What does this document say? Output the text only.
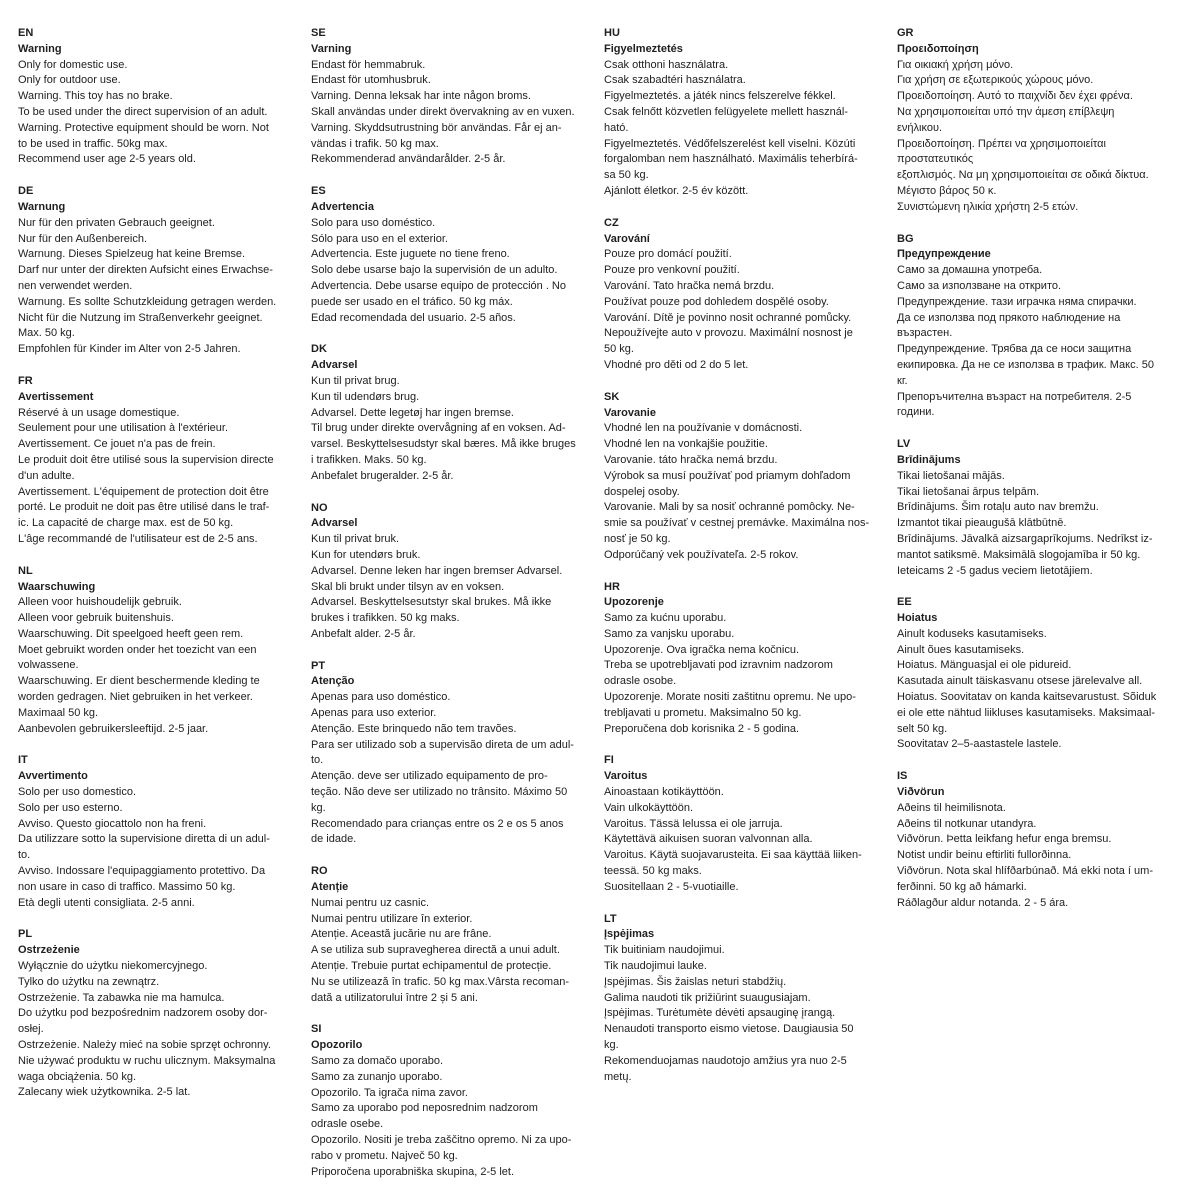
EN

Warning

Only for domestic use.

Only for outdoor use.

Warning. This toy has no brake.

To be used under the direct supervision of an adult.

Warning. Protective equipment should be worn. Not

to be used in traffic. 50kg max.

Recommend user age 2-5 years old.

DE

Warnung

Nur für den privaten Gebrauch geeignet.

Nur für den Außenbereich.

Warnung. Dieses Spielzeug hat keine Bremse.

Darf nur unter der direkten Aufsicht eines Erwachse-

nen verwendet werden.

Warnung. Es sollte Schutzkleidung getragen werden.

Nicht für die Nutzung im Straßenverkehr geeignet.

Max. 50 kg.

Empfohlen für Kinder im Alter von 2-5 Jahren.

FR

Avertissement

Réservé à un usage domestique.

Seulement pour une utilisation à l'extérieur.

Avertissement. Ce jouet n'a pas de frein.

Le produit doit être utilisé sous la supervision directe

d'un adulte.

Avertissement. L'équipement de protection doit être

porté. Le produit ne doit pas être utilisé dans le traf-

ic. La capacité de charge max. est de 50 kg.

L'âge recommandé de l'utilisateur est de 2-5 ans.

NL

Waarschuwing

Alleen voor huishoudelijk gebruik.

Alleen voor gebruik buitenshuis.

Waarschuwing. Dit speelgoed heeft geen rem.

Moet gebruikt worden onder het toezicht van een

volwassene.

Waarschuwing. Er dient beschermende kleding te

worden gedragen. Niet gebruiken in het verkeer.

Maximaal 50 kg.

Aanbevolen gebruikersleeftijd. 2-5 jaar.

IT

Avvertimento

Solo per uso domestico.

Solo per uso esterno.

Avviso. Questo giocattolo non ha freni.

Da utilizzare sotto la supervisione diretta di un adul-

to.

Avviso. Indossare l'equipaggiamento protettivo. Da

non usare in caso di traffico. Massimo 50 kg.

Età degli utenti consigliata. 2-5 anni.

PL

Ostrzeżenie

Wyłącznie do użytku niekomercyjnego.

Tylko do użytku na zewnątrz.

Ostrzeżenie. Ta zabawka nie ma hamulca.

Do użytku pod bezpośrednim nadzorem osoby dor-

osłej.

Ostrzeżenie. Należy mieć na sobie sprzęt ochronny.

Nie używać produktu w ruchu ulicznym. Maksymalna

waga obciążenia. 50 kg.

Zalecany wiek użytkownika. 2-5 lat.

SE

Varning

Endast för hemmabruk.

Endast för utomhusbruk.

Varning. Denna leksak har inte någon broms.

Skall användas under direkt övervakning av en vuxen.

Varning. Skyddsutrustning bör användas. Får ej an-

vändas i trafik. 50 kg max.

Rekommenderad användarålder. 2-5 år.

ES

Advertencia

Solo para uso doméstico.

Sólo para uso en el exterior.

Advertencia. Este juguete no tiene freno.

Solo debe usarse bajo la supervisión de un adulto.

Advertencia. Debe usarse equipo de protección . No

puede ser usado en el tráfico. 50 kg máx.

Edad recomendada del usuario. 2-5 años.

DK

Advarsel

Kun til privat brug.

Kun til udendørs brug.

Advarsel. Dette legetøj har ingen bremse.

Til brug under direkte overvågning af en voksen. Ad-

varsel. Beskyttelsesudstyr skal bæres. Må ikke bruges

i trafikken. Maks. 50 kg.

Anbefalet brugeralder. 2-5 år.

NO

Advarsel

Kun til privat bruk.

Kun for utendørs bruk.

Advarsel. Denne leken har ingen bremser Advarsel.

Skal bli brukt under tilsyn av en voksen.

Advarsel. Beskyttelsesutstyr skal brukes. Må ikke

brukes i trafikken. 50 kg maks.

Anbefalt alder. 2-5 år.

PT

Atenção

Apenas para uso doméstico.

Apenas para uso exterior.

Atenção. Este brinquedo não tem travões.

Para ser utilizado sob a supervisão direta de um adul-

to.

Atenção. deve ser utilizado equipamento de pro-

teção. Não deve ser utilizado no trânsito. Máximo 50

kg.

Recomendado para crianças entre os 2 e os 5 anos

de idade.

RO

Atenție

Numai pentru uz casnic.

Numai pentru utilizare în exterior.

Atenție. Această jucărie nu are frâne.

A se utiliza sub supravegherea directă a unui adult.

Atenție. Trebuie purtat echipamentul de protecție.

Nu se utilizează în trafic. 50 kg max.Vârsta recoman-

dată a utilizatorului între 2 și 5 ani.

SI

Opozorilo

Samo za domačo uporabo.

Samo za zunanjo uporabo.

Opozorilo. Ta igrača nima zavor.

Samo za uporabo pod neposrednim nadzorom

odrasle osebe.

Opozorilo. Nositi je treba zaščitno opremo. Ni za upo-

rabo v prometu. Največ 50 kg.

Priporočena uporabniška skupina, 2-5 let.

HU

Figyelmeztetés

Csak otthoni használatra.

Csak szabadtéri használatra.

Figyelmeztetés. a játék nincs felszerelve fékkel.

Csak felnőtt közvetlen felügyelete mellett használ-

ható.

Figyelmeztetés. Védőfelszerelést kell viselni. Közúti

forgalomban nem használható. Maximális teherbírá-

sa 50 kg.

Ajánlott életkor. 2-5 év között.

CZ

Varování

Pouze pro domácí použití.

Pouze pro venkovní použití.

Varování. Tato hračka nemá brzdu.

Používat pouze pod dohledem dospělé osoby.

Varování. Dítě je povinno nosit ochranné pomůcky.

Nepoužívejte auto v provozu. Maximální nosnost je

50 kg.

Vhodné pro děti od 2 do 5 let.

SK

Varovanie

Vhodné len na používanie v domácnosti.

Vhodné len na vonkajšie použitie.

Varovanie. táto hračka nemá brzdu.

Výrobok sa musí používať pod priamym dohľadom

dospelej osoby.

Varovanie. Mali by sa nosiť ochranné pomôcky. Ne-

smie sa používať v cestnej premávke. Maximálna nos-

nosť je 50 kg.

Odporúčaný vek používateľa. 2-5 rokov.

HR

Upozorenje

Samo za kućnu uporabu.

Samo za vanjsku uporabu.

Upozorenje. Ova igračka nema kočnicu.

Treba se upotrebljavati pod izravnim nadzorom

odrasle osobe.

Upozorenje. Morate nositi zaštitnu opremu. Ne upo-

trebljavati u prometu. Maksimalno 50 kg.

Preporučena dob korisnika 2 - 5 godina.

FI

Varoitus

Ainoastaan kotikäyttöön.

Vain ulkokäyttöön.

Varoitus. Tässä lelussa ei ole jarruja.

Käytettävä aikuisen suoran valvonnan alla.

Varoitus. Käytä suojavarusteita. Ei saa käyttää liiken-

teessä. 50 kg maks.

Suositellaan 2 - 5-vuotiaille.

LT

Įspėjimas

Tik buitiniam naudojimui.

Tik naudojimui lauke.

Įspėjimas. Šis žaislas neturi stabdžių.

Galima naudoti tik prižiūrint suaugusiajam.

Įspėjimas. Turėtumėte dėvėti apsauginę įrangą.

Nenaudoti transporto eismo vietose. Daugiausia 50

kg.

Rekomenduojamas naudotojo amžius yra nuo 2-5

metų.

GR

Προειδοποίηση

Για οικιακή χρήση μόνο.

Για χρήση σε εξωτερικούς χώρους μόνο.

Προειδοποίηση. Αυτό το παιχνίδι δεν έχει φρένα.

Να χρησιμοποιείται υπό την άμεση επίβλεψη

ενήλικου.

Προειδοποίηση. Πρέπει να χρησιμοποιείται

προστατευτικός

εξοπλισμός. Να μη χρησιμοποιείται σε οδικά δίκτυα.

Μέγιστο βάρος 50 κ.

Συνιστώμενη ηλικία χρήστη 2-5 ετών.

BG

Предупреждение

Само за домашна употреба.

Само за използване на открито.

Предупреждение. тази играчка няма спирачки.

Да се използва под прякото наблюдение на

възрастен.

Предупреждение. Трябва да се носи защитна

екипировка. Да не се използва в трафик. Макс. 50

кг.

Препоръчителна възраст на потребителя. 2-5

години.

LV

Brīdinājums

Tikai lietošanai mājās.

Tikai lietošanai ārpus telpām.

Brīdinājums. Šim rotaļu auto nav bremžu.

Izmantot tikai pieaugušā klātbūtnē.

Brīdinājums. Jāvalkā aizsargaprīkojums. Nedrīkst iz-

mantot satiksmē. Maksimālā slogojamība ir 50 kg.

Ieteicams 2 -5 gadus veciem lietotājiem.

EE

Hoiatus

Ainult koduseks kasutamiseks.

Ainult õues kasutamiseks.

Hoiatus. Mänguasjal ei ole pidureid.

Kasutada ainult täiskasvanu otsese järelevalve all.

Hoiatus. Soovitatav on kanda kaitsevarustust. Sõiduk

ei ole ette nähtud liikluses kasutamiseks. Maksimaal-

selt 50 kg.

Soovitatav 2–5-aastastele lastele.

IS

Viðvörun

Aðeins til heimilisnota.

Aðeins til notkunar utandyra.

Viðvörun. Þetta leikfang hefur enga bremsu.

Notist undir beinu eftirliti fullorðinna.

Viðvörun. Nota skal hlífðarbúnað. Má ekki nota í um-

ferðinni. 50 kg að hámarki.

Ráðlagður aldur notanda. 2 - 5 ára.
